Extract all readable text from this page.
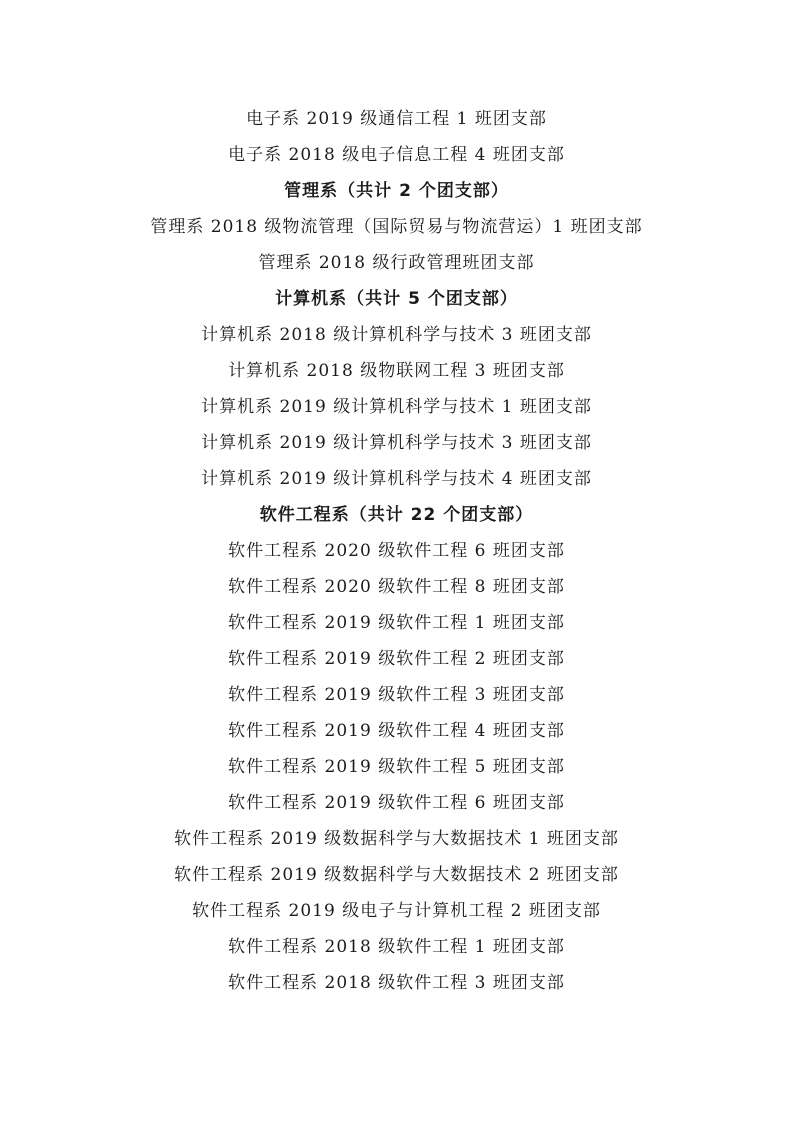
电子系 2019 级通信工程 1 班团支部
电子系 2018 级电子信息工程 4 班团支部
管理系（共计 2 个团支部）
管理系 2018 级物流管理（国际贸易与物流营运）1 班团支部
管理系 2018 级行政管理班团支部
计算机系（共计 5 个团支部）
计算机系 2018 级计算机科学与技术 3 班团支部
计算机系 2018 级物联网工程 3 班团支部
计算机系 2019 级计算机科学与技术 1 班团支部
计算机系 2019 级计算机科学与技术 3 班团支部
计算机系 2019 级计算机科学与技术 4 班团支部
软件工程系（共计 22 个团支部）
软件工程系 2020 级软件工程 6 班团支部
软件工程系 2020 级软件工程 8 班团支部
软件工程系 2019 级软件工程 1 班团支部
软件工程系 2019 级软件工程 2 班团支部
软件工程系 2019 级软件工程 3 班团支部
软件工程系 2019 级软件工程 4 班团支部
软件工程系 2019 级软件工程 5 班团支部
软件工程系 2019 级软件工程 6 班团支部
软件工程系 2019 级数据科学与大数据技术 1 班团支部
软件工程系 2019 级数据科学与大数据技术 2 班团支部
软件工程系 2019 级电子与计算机工程 2 班团支部
软件工程系 2018 级软件工程 1 班团支部
软件工程系 2018 级软件工程 3 班团支部
